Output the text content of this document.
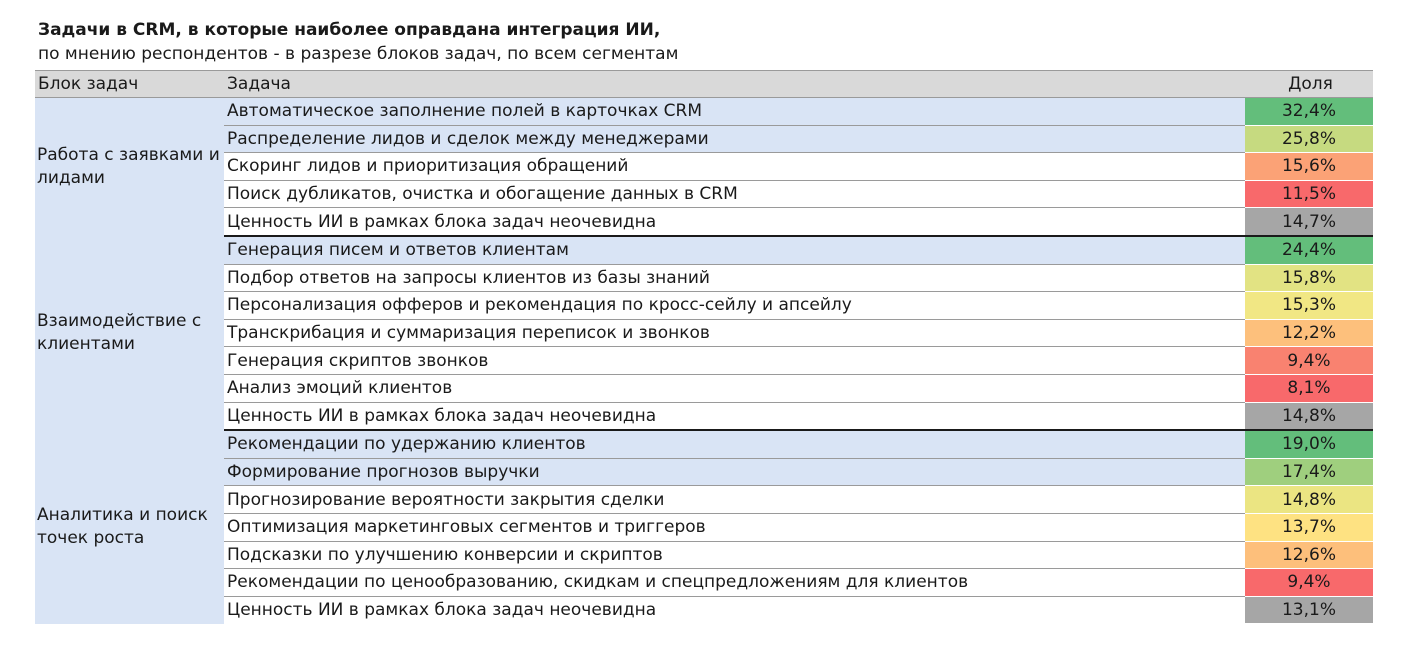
Задачи в CRM, в которые наиболее оправдана интеграция ИИ,
по мнению респондентов - в разрезе блоков задач, по всем сегментам
Блок задач	Задача	Доля
Работа с заявками и лидами	Автоматическое заполнение полей в карточках CRM	32,4%
	Распределение лидов и сделок между менеджерами	25,8%
	Скоринг лидов и приоритизация обращений	15,6%
	Поиск дубликатов, очистка и обогащение данных в CRM	11,5%
	Ценность ИИ в рамках блока задач неочевидна	14,7%
Взаимодействие с клиентами	Генерация писем и ответов клиентам	24,4%
	Подбор ответов на запросы клиентов из базы знаний	15,8%
	Персонализация офферов и рекомендация по кросс-сейлу и апсейлу	15,3%
	Транскрибация и суммаризация переписок и звонков	12,2%
	Генерация скриптов звонков	9,4%
	Анализ эмоций клиентов	8,1%
	Ценность ИИ в рамках блока задач неочевидна	14,8%
Аналитика и поиск точек роста	Рекомендации по удержанию клиентов	19,0%
	Формирование прогнозов выручки	17,4%
	Прогнозирование вероятности закрытия сделки	14,8%
	Оптимизация маркетинговых сегментов и триггеров	13,7%
	Подсказки по улучшению конверсии и скриптов	12,6%
	Рекомендации по ценообразованию, скидкам и спецпредложениям для клиентов	9,4%
	Ценность ИИ в рамках блока задач неочевидна	13,1%
